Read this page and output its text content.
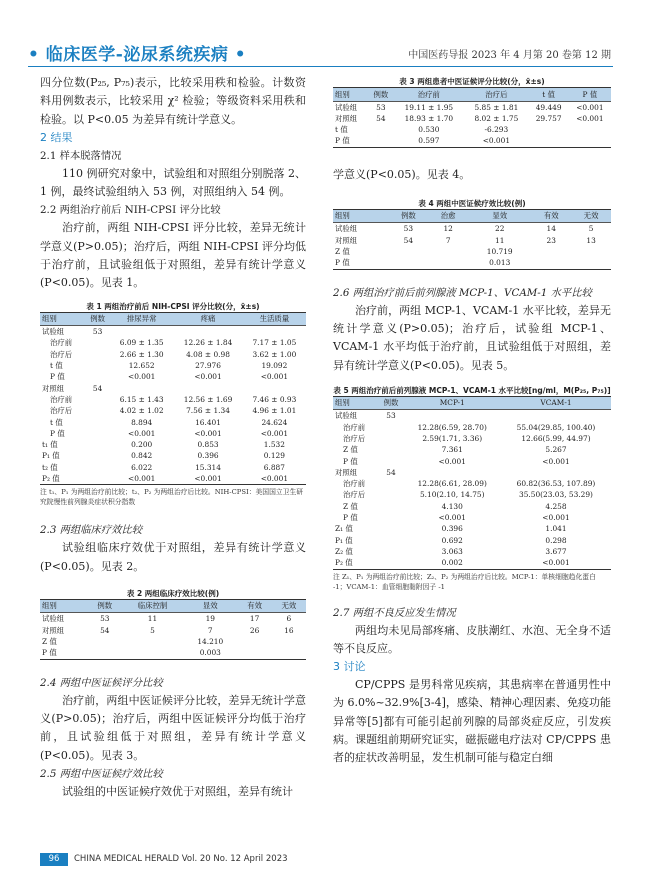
• 临床医学-泌尿系统疾病 •	中国医药导报 2023 年 4 月第 20 卷第 12 期

四分位数(P₂₅, P₇₅)表示，比较采用秩和检验。计数资料用例数表示，比较采用 χ² 检验；等级资料采用秩和检验。以 P<0.05 为差异有统计学意义。

2 结果
2.1 样本脱落情况

110 例研究对象中，试验组和对照组分别脱落 2、1 例，最终试验组纳入 53 例，对照组纳入 54 例。

2.2 两组治疗前后 NIH-CPSI 评分比较

治疗前，两组 NIH-CPSI 评分比较，差异无统计学意义(P>0.05)；治疗后，两组 NIH-CPSI 评分均低于治疗前，且试验组低于对照组，差异有统计学意义(P<0.05)。见表 1。

表 1 两组治疗前后 NIH-CPSI 评分比较(分，x̄±s)
组别	例数	排尿异常	疼痛	生活质量
试验组	53			
治疗前		6.09 ± 1.35	12.26 ± 1.84	7.17 ± 1.05
治疗后		2.66 ± 1.30	4.08 ± 0.98	3.62 ± 1.00
t 值		12.652	27.976	19.092
P 值		<0.001	<0.001	<0.001
对照组	54			
治疗前		6.15 ± 1.43	12.56 ± 1.69	7.46 ± 0.93
治疗后		4.02 ± 1.02	7.56 ± 1.34	4.96 ± 1.01
t 值		8.894	16.401	24.624
P 值		<0.001	<0.001	<0.001
t₁ 值		0.200	0.853	1.532
P₁ 值		0.842	0.396	0.129
t₂ 值		6.022	15.314	6.887
P₂ 值		<0.001	<0.001	<0.001
注 t₁、P₁ 为两组治疗前比较；t₂、P₂ 为两组治疗后比较。NIH-CPSI：美国国立卫生研究院慢性前列腺炎症状积分指数
2.3 两组临床疗效比较

试验组临床疗效优于对照组，差异有统计学意义(P<0.05)。见表 2。

表 2 两组临床疗效比较(例)
组别	例数	临床控制	显效	有效	无效
试验组	53	11	19	17	6
对照组	54	5	7	26	16
Z 值			14.210		
P 值			0.003		
2.4 两组中医证候评分比较

治疗前，两组中医证候评分比较，差异无统计学意义(P>0.05)；治疗后，两组中医证候评分均低于治疗前，且试验组低于对照组，差异有统计学意义(P<0.05)。见表 3。

2.5 两组中医证候疗效比较

试验组的中医证候疗效优于对照组，差异有统计

表 3 两组患者中医证候评分比较(分，x̄±s)
组别	例数	治疗前	治疗后	t 值	P 值
试验组	53	19.11 ± 1.95	5.85 ± 1.81	49.449	<0.001
对照组	54	18.93 ± 1.70	8.02 ± 1.75	29.757	<0.001
t 值		0.530	-6.293		
P 值		0.597	<0.001		

学意义(P<0.05)。见表 4。

表 4 两组中医证候疗效比较(例)
组别	例数	治愈	显效	有效	无效
试验组	53	12	22	14	5
对照组	54	7	11	23	13
Z 值			10.719		
P 值			0.013		
2.6 两组治疗前后前列腺液 MCP-1、VCAM-1 水平比较

治疗前，两组 MCP-1、VCAM-1 水平比较，差异无统计学意义(P>0.05)；治疗后，试验组 MCP-1、VCAM-1 水平均低于治疗前，且试验组低于对照组，差异有统计学意义(P<0.05)。见表 5。

表 5 两组治疗前后前列腺液 MCP-1、VCAM-1 水平比较[ng/ml，M(P₂₅, P₇₅)]
组别	例数	MCP-1	VCAM-1
试验组	53		
治疗前		12.28(6.59, 28.70)	55.04(29.85, 100.40)
治疗后		2.59(1.71, 3.36)	12.66(5.99, 44.97)
Z 值		7.361	5.267
P 值		<0.001	<0.001
对照组	54		
治疗前		12.28(6.61, 28.09)	60.82(36.53, 107.89)
治疗后		5.10(2.10, 14.75)	35.50(23.03, 53.29)
Z 值		4.130	4.258
P 值		<0.001	<0.001
Z₁ 值		0.396	1.041
P₁ 值		0.692	0.298
Z₂ 值		3.063	3.677
P₂ 值		0.002	<0.001
注 Z₁、P₁ 为两组治疗前比较；Z₂、P₂ 为两组治疗后比较。MCP-1：单核细胞趋化蛋白 -1；VCAM-1：血管细胞黏附因子 -1
2.7 两组不良反应发生情况

两组均未见局部疼痛、皮肤潮红、水泡、无全身不适等不良反应。

3 讨论

CP/CPPS 是男科常见疾病，其患病率在普通男性中为 6.0%~32.9%[3-4]，感染、精神心理因素、免疫功能异常等[5]都有可能引起前列腺的局部炎症反应，引发疾病。课题组前期研究证实，磁振磁电疗法对 CP/CPPS 患者的症状改善明显，发生机制可能与稳定白细

96	CHINA MEDICAL HERALD Vol. 20 No. 12 April 2023
